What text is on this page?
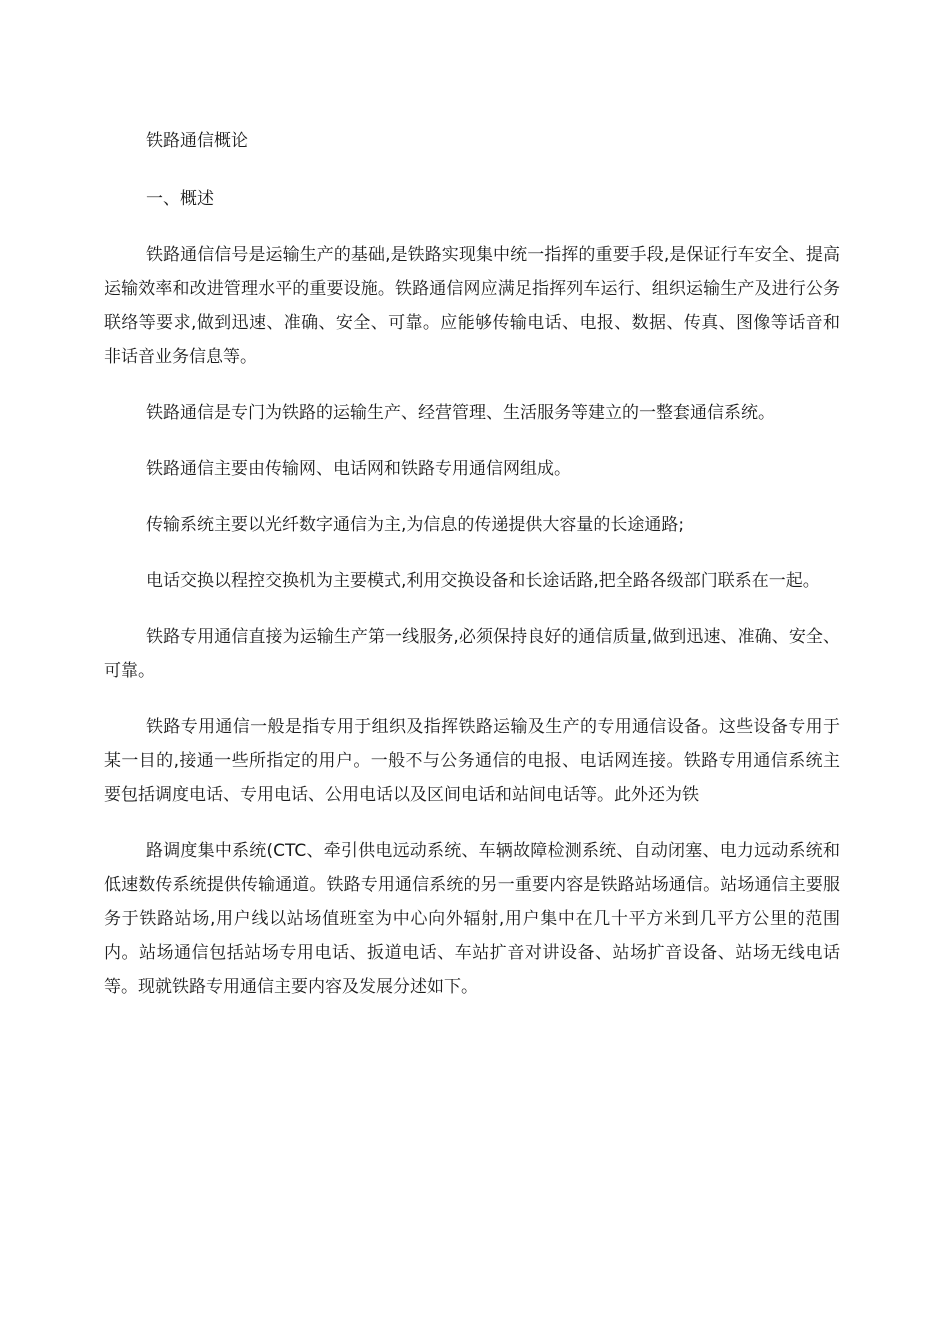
铁路通信概论

一、概述

铁路通信信号是运输生产的基础,是铁路实现集中统一指挥的重要手段,是保证行车安全、提高运输效率和改进管理水平的重要设施。铁路通信网应满足指挥列车运行、组织运输生产及进行公务联络等要求,做到迅速、准确、安全、可靠。应能够传输电话、电报、数据、传真、图像等话音和非话音业务信息等。

铁路通信是专门为铁路的运输生产、经营管理、生活服务等建立的一整套通信系统。

铁路通信主要由传输网、电话网和铁路专用通信网组成。

传输系统主要以光纤数字通信为主,为信息的传递提供大容量的长途通路;

电话交换以程控交换机为主要模式,利用交换设备和长途话路,把全路各级部门联系在一起。

铁路专用通信直接为运输生产第一线服务,必须保持良好的通信质量,做到迅速、准确、安全、可靠。

铁路专用通信一般是指专用于组织及指挥铁路运输及生产的专用通信设备。这些设备专用于某一目的,接通一些所指定的用户。一般不与公务通信的电报、电话网连接。铁路专用通信系统主要包括调度电话、专用电话、公用电话以及区间电话和站间电话等。此外还为铁

路调度集中系统(CTC、牵引供电远动系统、车辆故障检测系统、自动闭塞、电力远动系统和低速数传系统提供传输通道。铁路专用通信系统的另一重要内容是铁路站场通信。站场通信主要服务于铁路站场,用户线以站场值班室为中心向外辐射,用户集中在几十平方米到几平方公里的范围内。站场通信包括站场专用电话、扳道电话、车站扩音对讲设备、站场扩音设备、站场无线电话等。现就铁路专用通信主要内容及发展分述如下。
